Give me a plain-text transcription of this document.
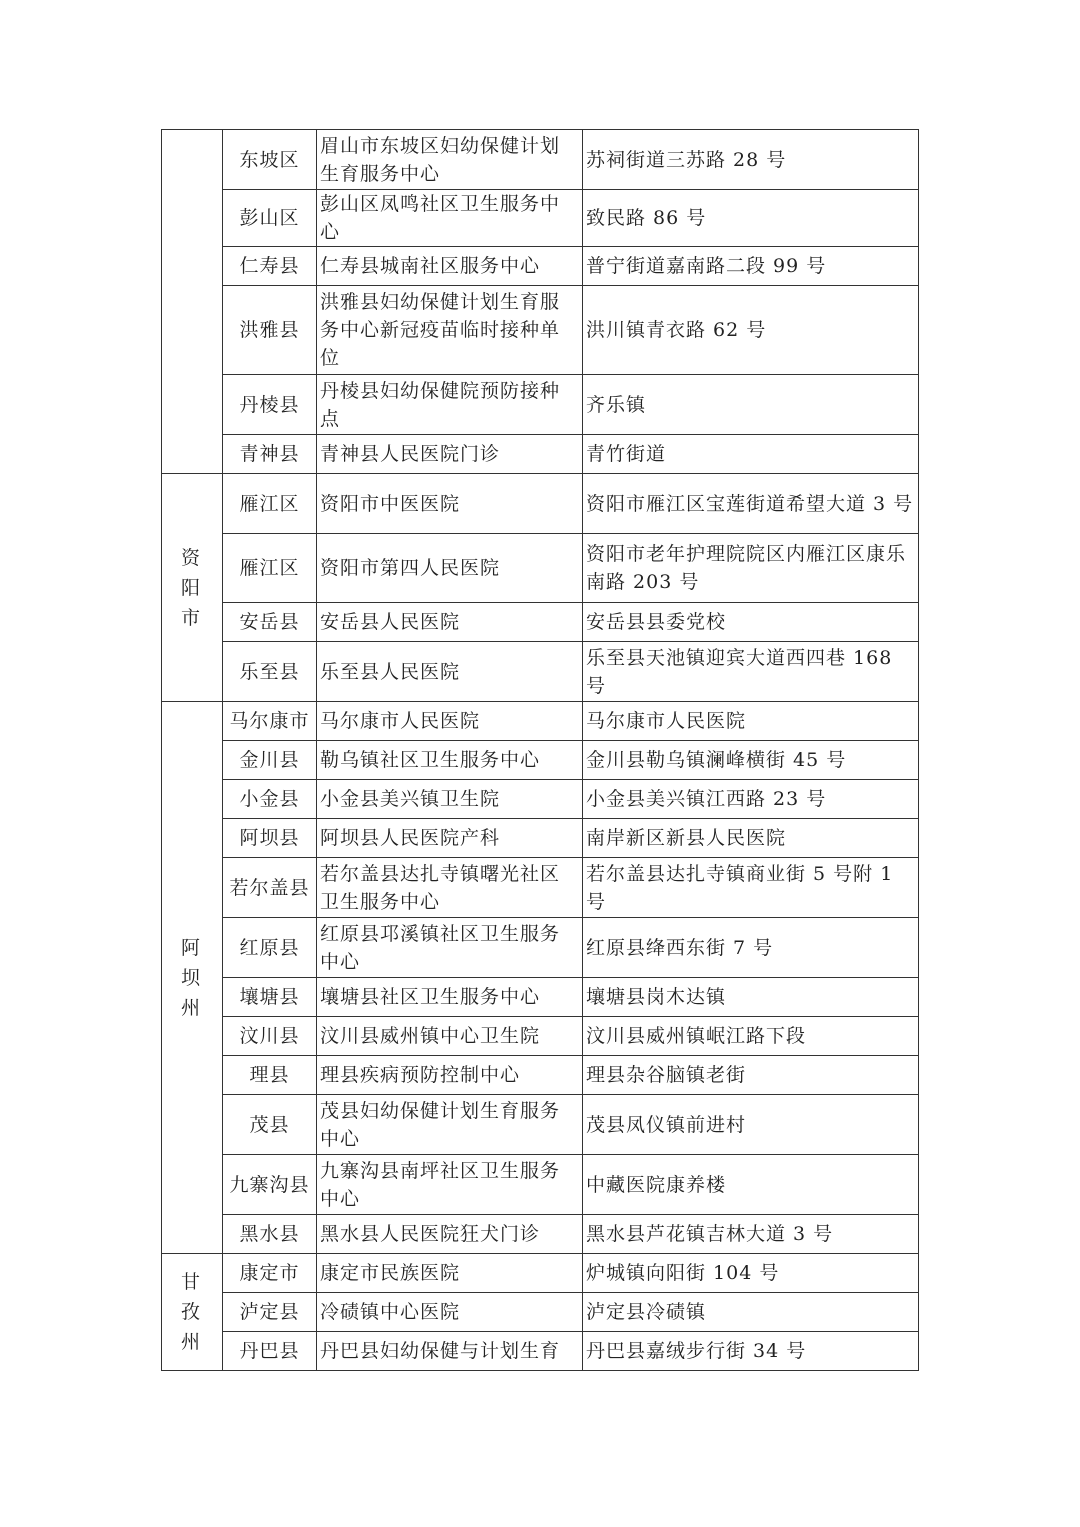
	东坡区	眉山市东坡区妇幼保健计划生育服务中心	苏祠街道三苏路 28 号
	彭山区	彭山区凤鸣社区卫生服务中心	致民路 86 号
	仁寿县	仁寿县城南社区服务中心	普宁街道嘉南路二段 99 号
	洪雅县	洪雅县妇幼保健计划生育服务中心新冠疫苗临时接种单位	洪川镇青衣路 62 号
	丹棱县	丹棱县妇幼保健院预防接种点	齐乐镇
	青神县	青神县人民医院门诊	青竹街道
资阳市	雁江区	资阳市中医医院	资阳市雁江区宝莲街道希望大道 3 号
	雁江区	资阳市第四人民医院	资阳市老年护理院院区内雁江区康乐南路 203 号
	安岳县	安岳县人民医院	安岳县县委党校
	乐至县	乐至县人民医院	乐至县天池镇迎宾大道西四巷 168 号
阿坝州	马尔康市	马尔康市人民医院	马尔康市人民医院
	金川县	勒乌镇社区卫生服务中心	金川县勒乌镇澜峰横街 45 号
	小金县	小金县美兴镇卫生院	小金县美兴镇江西路 23 号
	阿坝县	阿坝县人民医院产科	南岸新区新县人民医院
	若尔盖县	若尔盖县达扎寺镇曙光社区卫生服务中心	若尔盖县达扎寺镇商业街 5 号附 1 号
	红原县	红原县邛溪镇社区卫生服务中心	红原县绛西东街 7 号
	壤塘县	壤塘县社区卫生服务中心	壤塘县岗木达镇
	汶川县	汶川县威州镇中心卫生院	汶川县威州镇岷江路下段
	理县	理县疾病预防控制中心	理县杂谷脑镇老街
	茂县	茂县妇幼保健计划生育服务中心	茂县凤仪镇前进村
	九寨沟县	九寨沟县南坪社区卫生服务中心	中藏医院康养楼
	黑水县	黑水县人民医院狂犬门诊	黑水县芦花镇吉林大道 3 号
甘孜州	康定市	康定市民族医院	炉城镇向阳街 104 号
	泸定县	冷碛镇中心医院	泸定县冷碛镇
	丹巴县	丹巴县妇幼保健与计划生育	丹巴县嘉绒步行街 34 号
